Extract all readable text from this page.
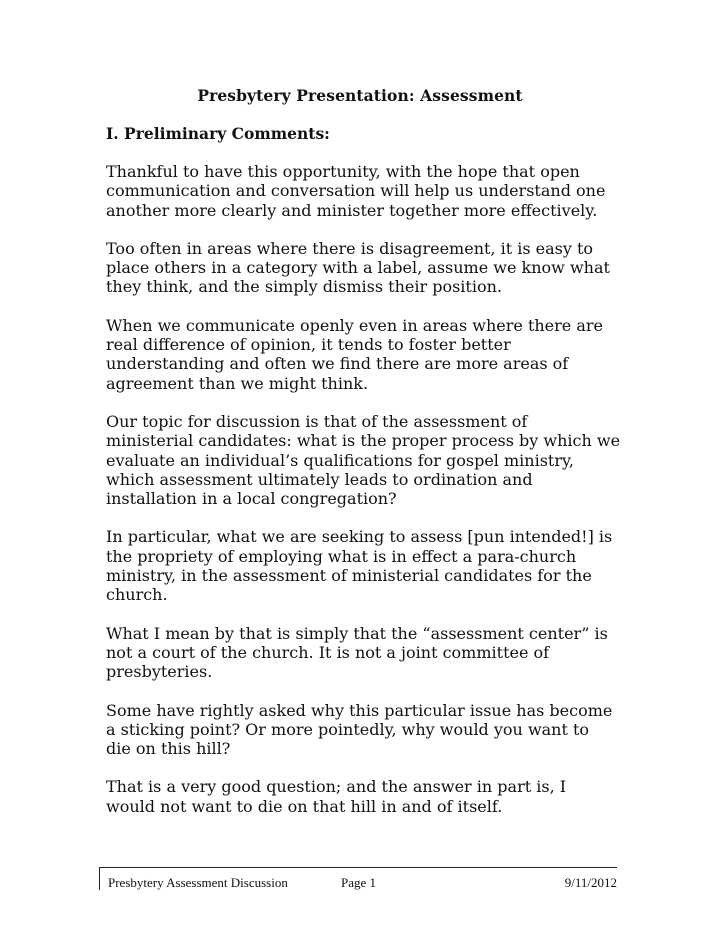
Presbytery Presentation: Assessment
I. Preliminary Comments:

Thankful to have this opportunity, with the hope that open
communication and conversation will help us understand one
another more clearly and minister together more effectively.

Too often in areas where there is disagreement, it is easy to
place others in a category with a label, assume we know what
they think, and the simply dismiss their position.

When we communicate openly even in areas where there are
real difference of opinion, it tends to foster better
understanding and often we find there are more areas of
agreement than we might think.

Our topic for discussion is that of the assessment of
ministerial candidates: what is the proper process by which we
evaluate an individual’s qualifications for gospel ministry,
which assessment ultimately leads to ordination and
installation in a local congregation?

In particular, what we are seeking to assess [pun intended!] is
the propriety of employing what is in effect a para-church
ministry, in the assessment of ministerial candidates for the
church.

What I mean by that is simply that the “assessment center” is
not a court of the church. It is not a joint committee of
presbyteries.

Some have rightly asked why this particular issue has become
a sticking point? Or more pointedly, why would you want to
die on this hill?

That is a very good question; and the answer in part is, I
would not want to die on that hill in and of itself.

Presbytery Assessment Discussion	Page 1	9/11/2012
